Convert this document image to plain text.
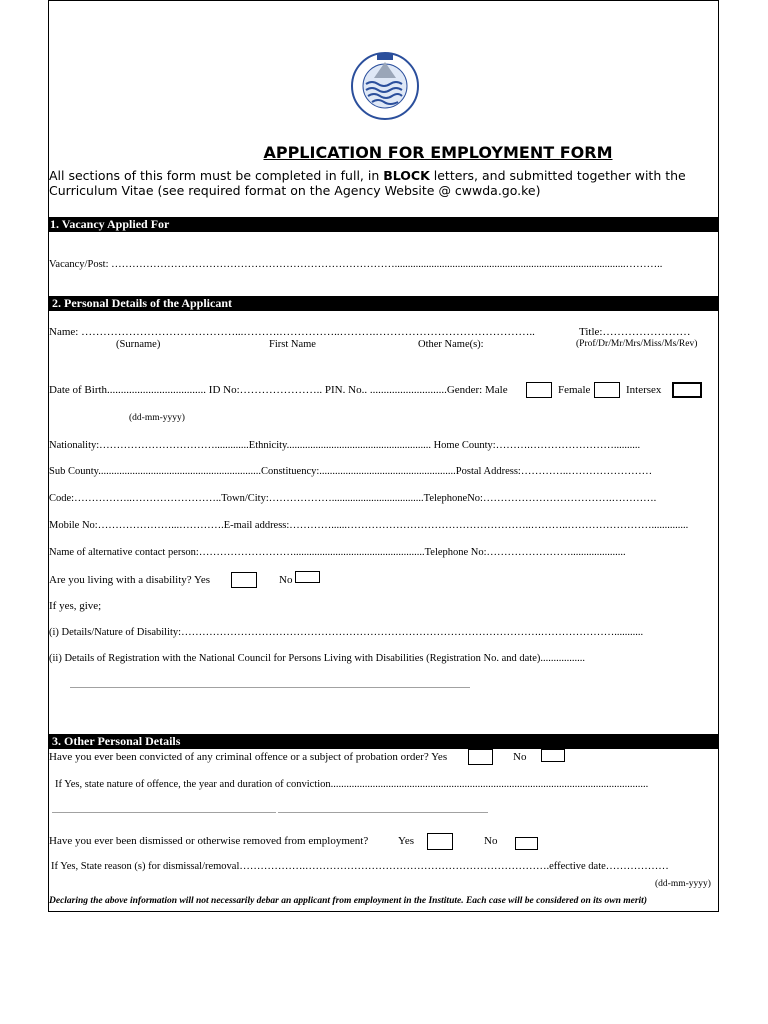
APPLICATION FOR EMPLOYMENT FORM
All sections of this form must be completed in full, in BLOCK letters, and submitted together with the
Curriculum Vitae (see required format on the Agency Website @ cwwda.go.ke)
1. Vacancy Applied For
Vacancy/Post: ………………………………………………………………………........................................................................................………..
2. Personal Details of the Applicant
Name: ……………………………………...……….……………..……….……………………………………..	Title:……………………
(Surname)	First Name	Other Name(s):	(Prof/Dr/Mr/Mrs/Miss/Ms/Rev)
Date of Birth.................................... ID No:………………….. PIN. No.. ............................Gender: Male	Female	Intersex
(dd-mm-yyyy)
Nationality:…………………………….............Ethnicity....................................................... Home County:……….……………………..........
Sub County..............................................................Constituency:....................................................Postal Address:…………..……………………
Code:……………..……………………..Town/City:………………...................................TelephoneNo:……………………………….………….
Mobile No:…………………...………….E-mail address:…………......……………………………………………..………..……………………..............
Name of alternative contact person:………………………..................................................Telephone No:…………………….....................
Are you living with a disability? Yes	No
If yes, give;
(i) Details/Nature of Disability:………………………………………………………………………………………….…………………...........
(ii) Details of Registration with the National Council for Persons Living with Disabilities (Registration No. and date).................
........................................................................................................................................................................................................
3. Other Personal Details
Have you ever been convicted of any criminal offence or a subject of probation order? Yes	No
If Yes, state nature of offence, the year and duration of conviction.........................................................................................................................
................................................................................................................ .........................................................................................................
Have you ever been dismissed or otherwise removed from employment?	Yes	No
If Yes, State reason (s) for dismissal/removal……………….…………………………………………………………….effective date………………
(dd-mm-yyyy)
Declaring the above information will not necessarily debar an applicant from employment in the Institute. Each case will be considered on its own merit)
